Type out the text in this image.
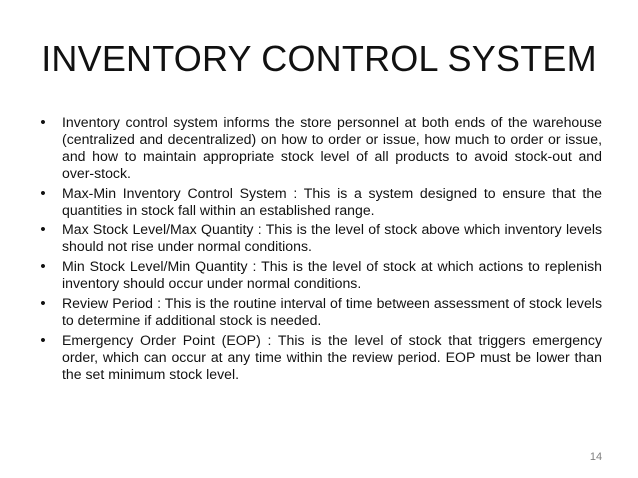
INVENTORY CONTROL SYSTEM
•	Inventory control system informs the store personnel at both ends of the warehouse (centralized and decentralized) on how to order or issue, how much to order or issue, and how to maintain appropriate stock level of all products to avoid stock-out and over-stock.
•	Max-Min Inventory Control System : This is a system designed to ensure that the quantities in stock fall within an established range.
•	Max Stock Level/Max Quantity : This is the level of stock above which inventory levels should not rise under normal conditions.
•	Min Stock Level/Min Quantity : This is the level of stock at which actions to replenish inventory should occur under normal conditions.
•	Review Period : This is the routine interval of time between assessment of stock levels to determine if additional stock is needed.
•	Emergency Order Point (EOP) : This is the level of stock that triggers emergency order, which can occur at any time within the review period. EOP must be lower than the set minimum stock level.
14
